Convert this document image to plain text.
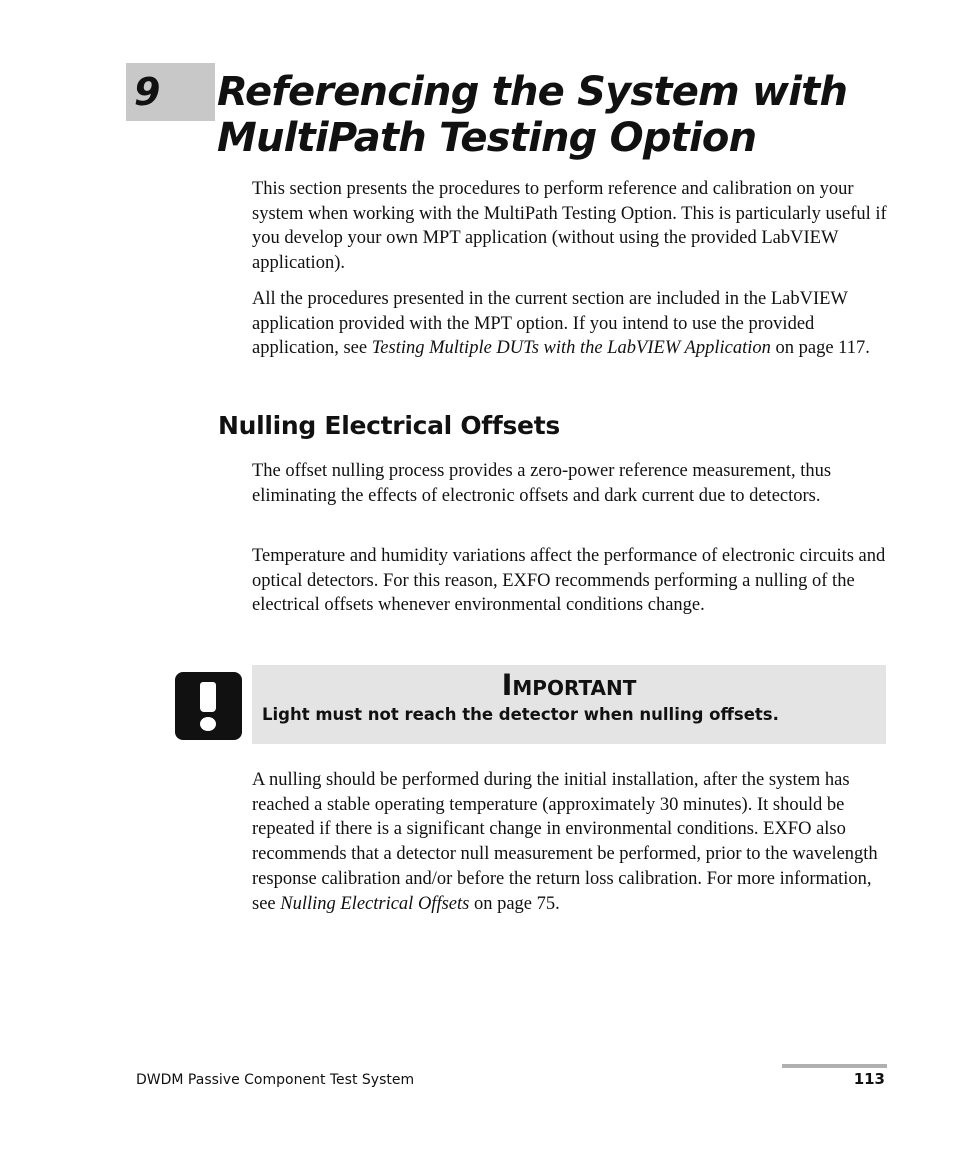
9 Referencing the System with MultiPath Testing Option

This section presents the procedures to perform reference and calibration on your system when working with the MultiPath Testing Option. This is particularly useful if you develop your own MPT application (without using the provided LabVIEW application).

All the procedures presented in the current section are included in the LabVIEW application provided with the MPT option. If you intend to use the provided application, see Testing Multiple DUTs with the LabVIEW Application on page 117.

Nulling Electrical Offsets

The offset nulling process provides a zero-power reference measurement, thus eliminating the effects of electronic offsets and dark current due to detectors.

Temperature and humidity variations affect the performance of electronic circuits and optical detectors. For this reason, EXFO recommends performing a nulling of the electrical offsets whenever environmental conditions change.

Important
Light must not reach the detector when nulling offsets.

A nulling should be performed during the initial installation, after the system has reached a stable operating temperature (approximately 30 minutes). It should be repeated if there is a significant change in environmental conditions. EXFO also recommends that a detector null measurement be performed, prior to the wavelength response calibration and/or before the return loss calibration. For more information, see Nulling Electrical Offsets on page 75.

DWDM Passive Component Test System	113
